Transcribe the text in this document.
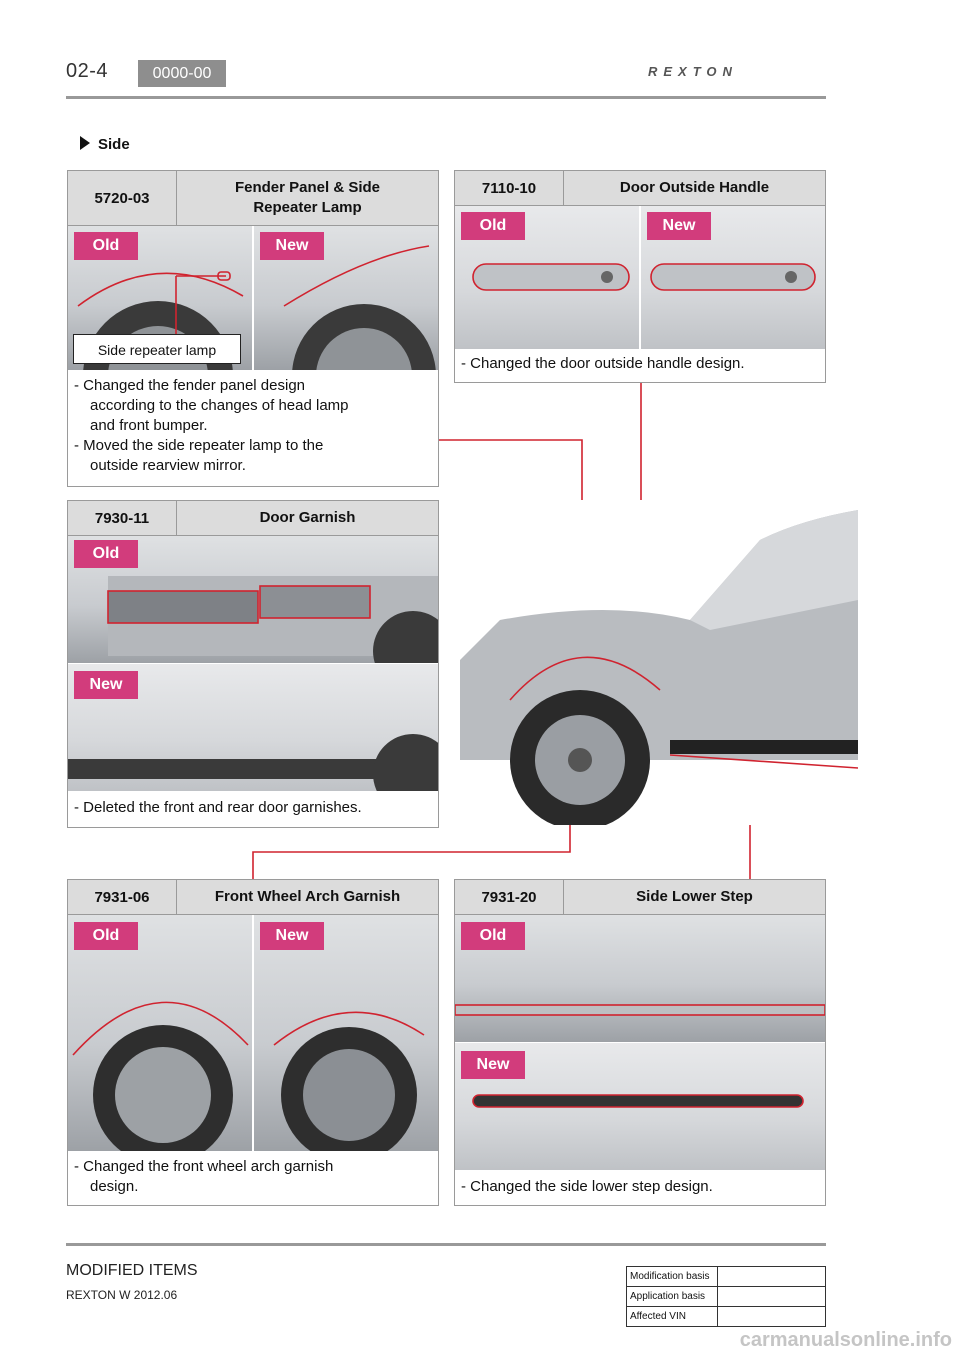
02-4	0000-00	REXTON
Side
5720-03
Fender Panel & Side Repeater Lamp
Old	New
- Changed the fender panel design according to the changes of head lamp and front bumper.
- Moved the side repeater lamp to the outside rearview mirror.
Side repeater lamp
7110-10	Door Outside Handle
Old	New
- Changed the door outside handle design.
7930-11	Door Garnish
Old
New
- Deleted the front and rear door garnishes.
7931-06	Front Wheel Arch Garnish
Old	New
- Changed the front wheel arch garnish design.
7931-20	Side Lower Step
Old
New
- Changed the side lower step design.
MODIFIED ITEMS
REXTON W 2012.06
Modification basis	
Application basis	
Affected VIN	
carmanualsonline.info
